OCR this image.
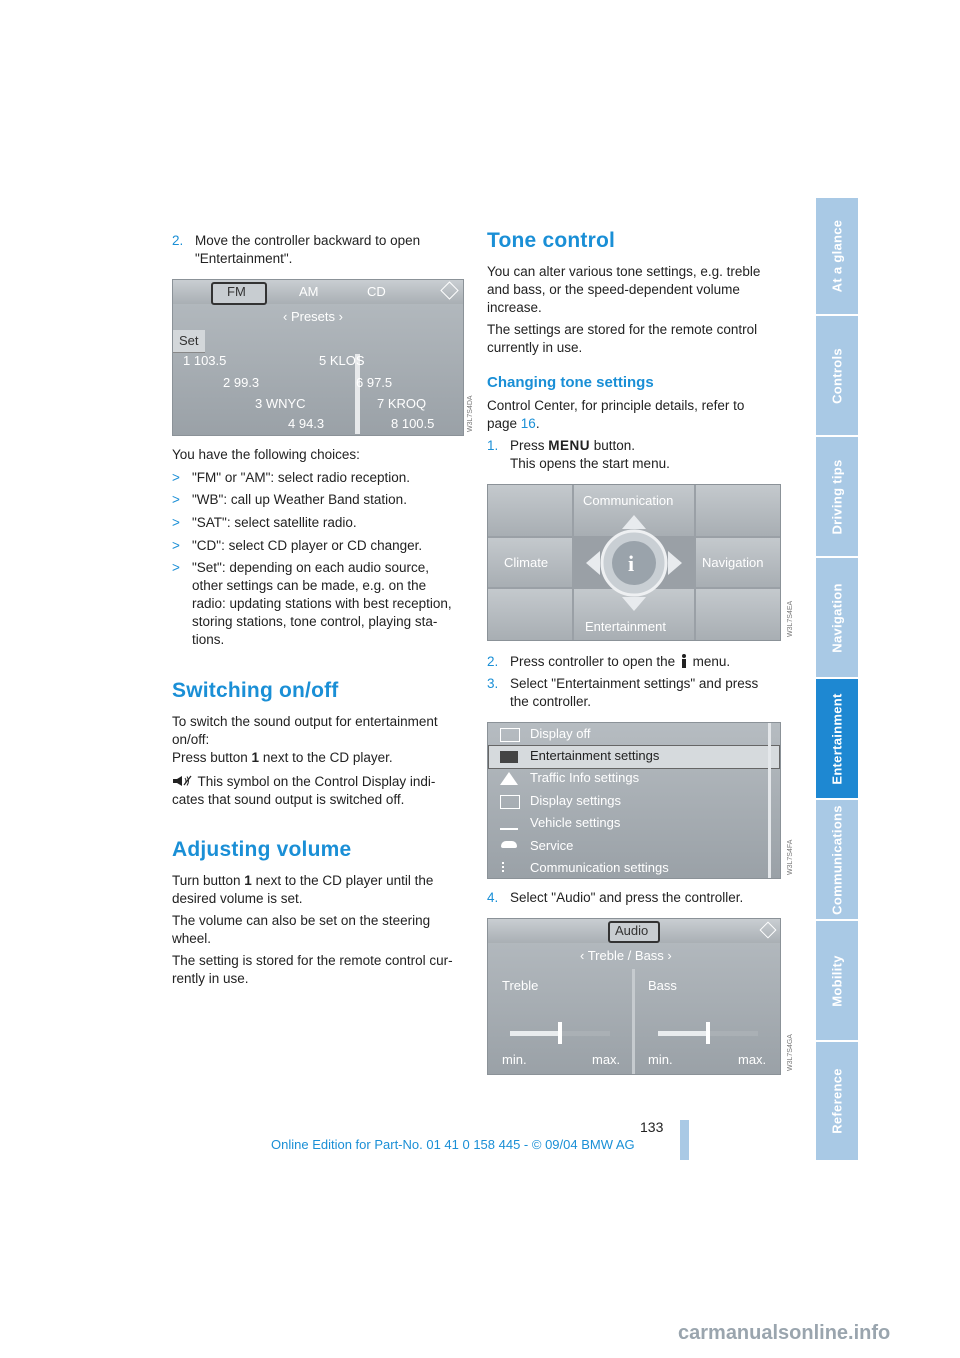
2. Move the controller backward to open
"Entertainment".
FM	AM	CD
‹ Presets ›
Set
1 103.5
2 99.3
3 WNYC
4 94.3
5 KLOS
6 97.5
7 KROQ
8 100.5	W3L7S4DA
You have the following choices:
> "FM" or "AM": select radio reception.
> "WB": call up Weather Band station.
> "SAT": select satellite radio.
> "CD": select CD player or CD changer.
> "Set": depending on each audio source,
other settings can be made, e.g. on the
radio: updating stations with best reception,
storing stations, tone control, playing sta-
tions.
Switching on/off
To switch the sound output for entertainment
on/off:
Press button 1 next to the CD player.
This symbol on the Control Display indi-
cates that sound output is switched off.
Adjusting volume
Turn button 1 next to the CD player until the
desired volume is set.
The volume can also be set on the steering
wheel.
The setting is stored for the remote control cur-
rently in use.
Tone control
You can alter various tone settings, e.g. treble
and bass, or the speed-dependent volume
increase.
The settings are stored for the remote control
currently in use.
Changing tone settings
Control Center, for principle details, refer to
page 16.
1. Press MENU button.
This opens the start menu.
Communication
Climate	Navigation
Entertainment
i
W3L7S4EA
2. Press controller to open the  menu.
3. Select "Entertainment settings" and press
the controller.
Display off
Entertainment settings
Traffic Info settings
Display settings
Vehicle settings
Service
Communication settings	W3L7S4FA
4. Select "Audio" and press the controller.
Audio
‹ Treble / Bass ›
Treble	Bass
min.	max. min.	max.	W3L7S4GA
At a glance
Controls
Driving tips
Navigation
Entertainment
Communications
Mobility
Reference
133
Online Edition for Part-No. 01 41 0 158 445 - © 09/04 BMW AG
carmanualsonline.info
